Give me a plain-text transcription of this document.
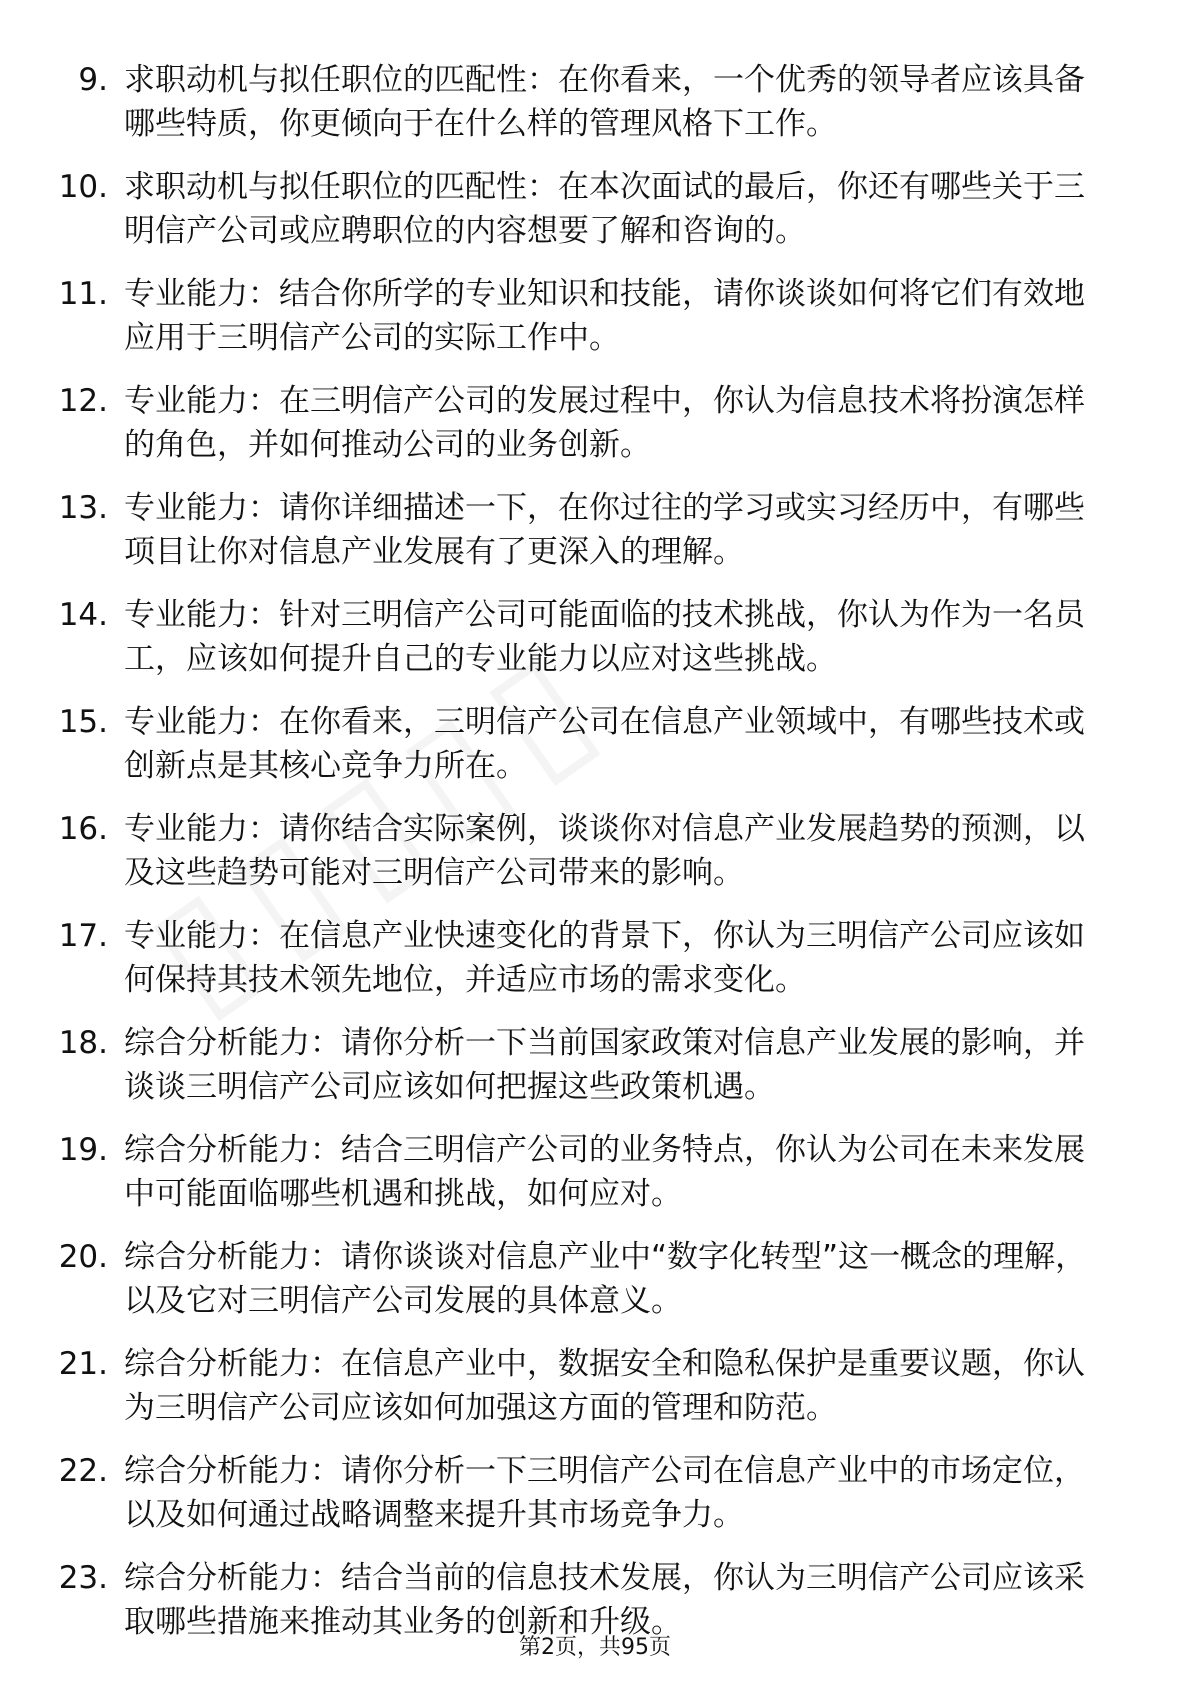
9. 求职动机与拟任职位的匹配性：在你看来，一个优秀的领导者应该具备哪些特质，你更倾向于在什么样的管理风格下工作。
10. 求职动机与拟任职位的匹配性：在本次面试的最后，你还有哪些关于三明信产公司或应聘职位的内容想要了解和咨询的。
11. 专业能力：结合你所学的专业知识和技能，请你谈谈如何将它们有效地应用于三明信产公司的实际工作中。
12. 专业能力：在三明信产公司的发展过程中，你认为信息技术将扮演怎样的角色，并如何推动公司的业务创新。
13. 专业能力：请你详细描述一下，在你过往的学习或实习经历中，有哪些项目让你对信息产业发展有了更深入的理解。
14. 专业能力：针对三明信产公司可能面临的技术挑战，你认为作为一名员工，应该如何提升自己的专业能力以应对这些挑战。
15. 专业能力：在你看来，三明信产公司在信息产业领域中，有哪些技术或创新点是其核心竞争力所在。
16. 专业能力：请你结合实际案例，谈谈你对信息产业发展趋势的预测，以及这些趋势可能对三明信产公司带来的影响。
17. 专业能力：在信息产业快速变化的背景下，你认为三明信产公司应该如何保持其技术领先地位，并适应市场的需求变化。
18. 综合分析能力：请你分析一下当前国家政策对信息产业发展的影响，并谈谈三明信产公司应该如何把握这些政策机遇。
19. 综合分析能力：结合三明信产公司的业务特点，你认为公司在未来发展中可能面临哪些机遇和挑战，如何应对。
20. 综合分析能力：请你谈谈对信息产业中“数字化转型”这一概念的理解，以及它对三明信产公司发展的具体意义。
21. 综合分析能力：在信息产业中，数据安全和隐私保护是重要议题，你认为三明信产公司应该如何加强这方面的管理和防范。
22. 综合分析能力：请你分析一下三明信产公司在信息产业中的市场定位，以及如何通过战略调整来提升其市场竞争力。
23. 综合分析能力：结合当前的信息技术发展，你认为三明信产公司应该采取哪些措施来推动其业务的创新和升级。
第2页，共95页
